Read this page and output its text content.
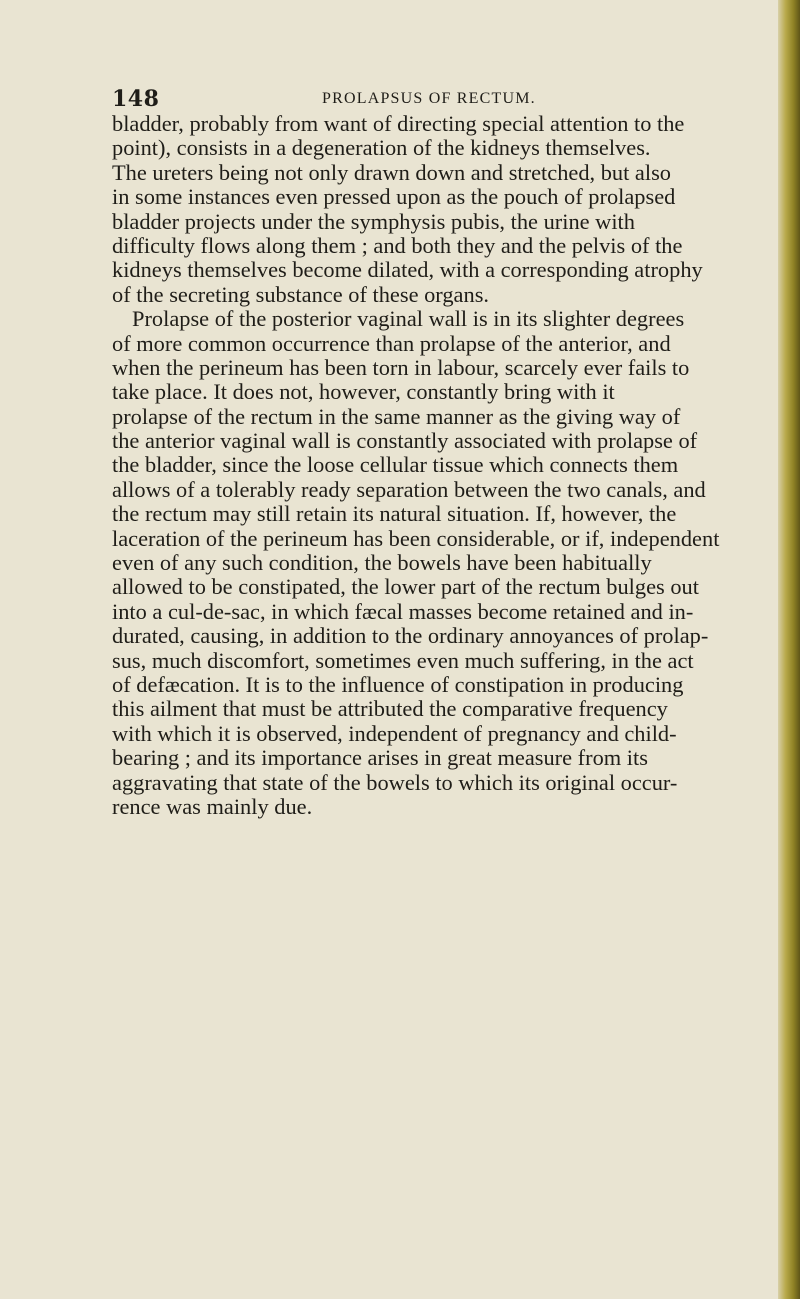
148	PROLAPSUS OF RECTUM.
bladder, probably from want of directing special attention to the
point), consists in a degeneration of the kidneys themselves.
The ureters being not only drawn down and stretched, but also
in some instances even pressed upon as the pouch of prolapsed
bladder projects under the symphysis pubis, the urine with
difficulty flows along them ; and both they and the pelvis of the
kidneys themselves become dilated, with a corresponding atrophy
of the secreting substance of these organs.
Prolapse of the posterior vaginal wall is in its slighter degrees
of more common occurrence than prolapse of the anterior, and
when the perineum has been torn in labour, scarcely ever fails to
take place. It does not, however, constantly bring with it
prolapse of the rectum in the same manner as the giving way of
the anterior vaginal wall is constantly associated with prolapse of
the bladder, since the loose cellular tissue which connects them
allows of a tolerably ready separation between the two canals, and
the rectum may still retain its natural situation. If, however, the
laceration of the perineum has been considerable, or if, independent
even of any such condition, the bowels have been habitually
allowed to be constipated, the lower part of the rectum bulges out
into a cul-de-sac, in which fæcal masses become retained and in-
durated, causing, in addition to the ordinary annoyances of prolap-
sus, much discomfort, sometimes even much suffering, in the act
of defæcation. It is to the influence of constipation in producing
this ailment that must be attributed the comparative frequency
with which it is observed, independent of pregnancy and child-
bearing ; and its importance arises in great measure from its
aggravating that state of the bowels to which its original occur-
rence was mainly due.
